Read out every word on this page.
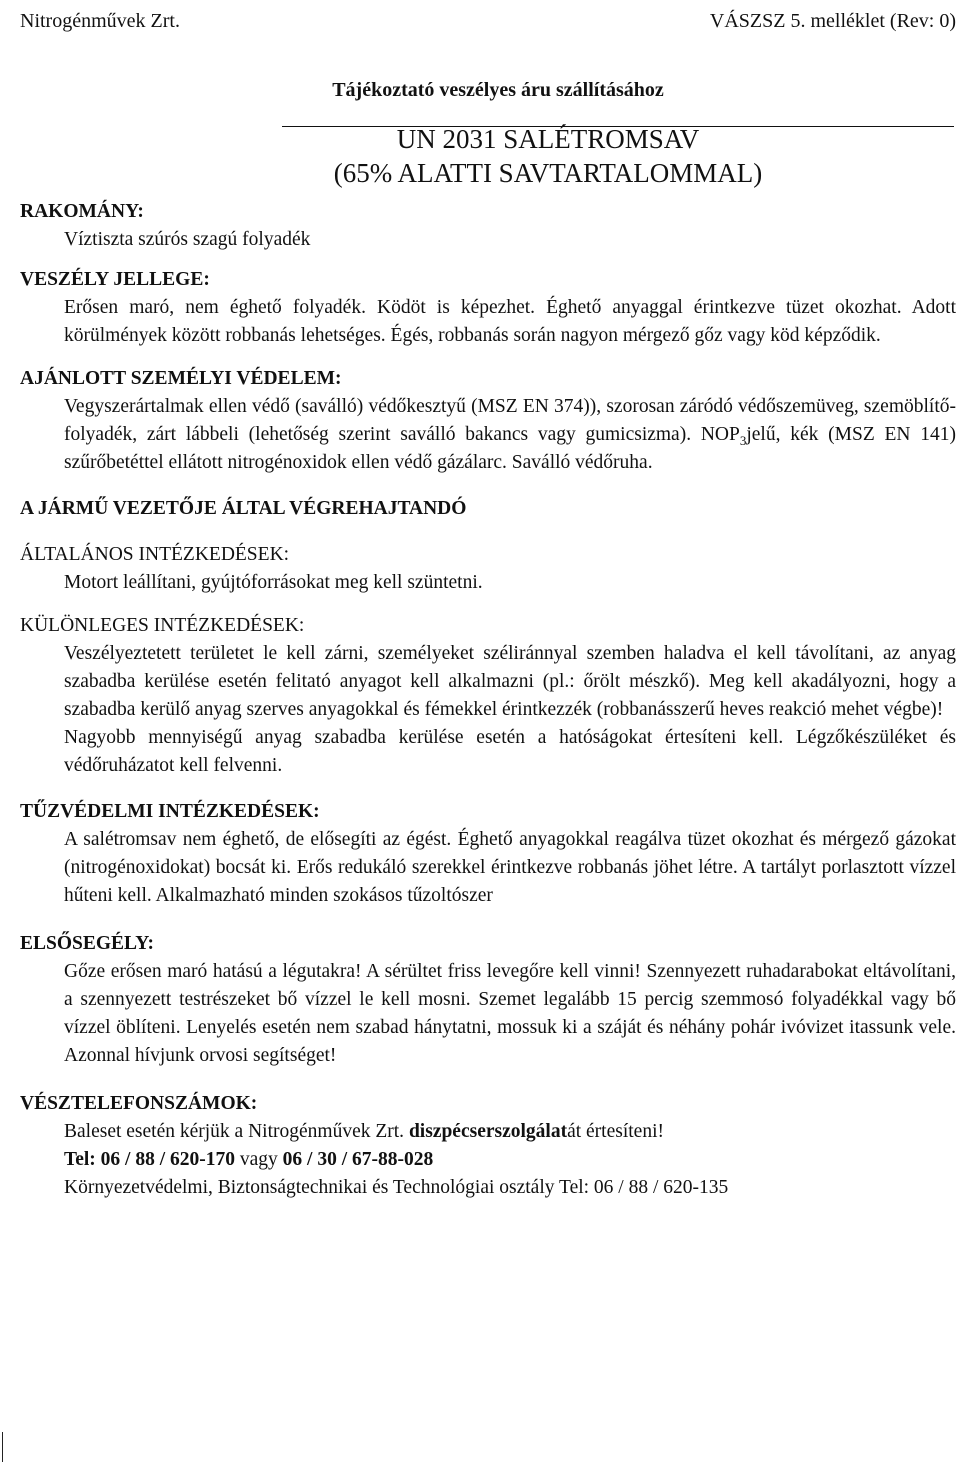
Nitrogénművek Zrt.	VÁSZSZ 5. melléklet (Rev: 0)
Tájékoztató veszélyes áru szállításához
UN 2031 SALÉTROMSAV
(65% ALATTI SAVTARTALOMMAL)
RAKOMÁNY:
Víztiszta szúrós szagú folyadék
VESZÉLY JELLEGE:
Erősen maró, nem éghető folyadék. Ködöt is képezhet. Éghető anyaggal érintkezve tüzet okozhat. Adott körülmények között robbanás lehetséges. Égés, robbanás során nagyon mérgező gőz vagy köd képződik.
AJÁNLOTT SZEMÉLYI VÉDELEM:
Vegyszerártalmak ellen védő (saválló) védőkesztyű (MSZ EN 374)), szorosan záródó védőszemüveg, szemöblítő-folyadék, zárt lábbeli (lehetőség szerint saválló bakancs vagy gumicsizma). $NOP_3jelű$, kék (MSZ EN 141) szűrőbetéttel ellátott nitrogénoxidok ellen védő gázálarc. Saválló védőruha.
A JÁRMŰ VEZETŐJE ÁLTAL VÉGREHAJTANDÓ
ÁLTALÁNOS INTÉZKEDÉSEK:
Motort leállítani, gyújtóforrásokat meg kell szüntetni.
KÜLÖNLEGES INTÉZKEDÉSEK:
Veszélyeztetett területet le kell zárni, személyeket széliránnyal szemben haladva el kell távolítani, az anyag szabadba kerülése esetén felitató anyagot kell alkalmazni (pl.: őrölt mészkő). Meg kell akadályozni, hogy a szabadba kerülő anyag szerves anyagokkal és fémekkel érintkezzék (robbanásszerű heves reakció mehet végbe)!
Nagyobb mennyiségű anyag szabadba kerülése esetén a hatóságokat értesíteni kell. Légzőkészüléket és védőruházatot kell felvenni.
TŰZVÉDELMI INTÉZKEDÉSEK:
A salétromsav nem éghető, de elősegíti az égést. Éghető anyagokkal reagálva tüzet okozhat és mérgező gázokat (nitrogénoxidokat) bocsát ki. Erős redukáló szerekkel érintkezve robbanás jöhet létre. A tartályt porlasztott vízzel hűteni kell. Alkalmazható minden szokásos tűzoltószer
ELSŐSEGÉLY:
Gőze erősen maró hatású a légutakra! A sérültet friss levegőre kell vinni! Szennyezett ruhadarabokat eltávolítani, a szennyezett testrészeket bő vízzel le kell mosni. Szemet legalább 15 percig szemmosó folyadékkal vagy bő vízzel öblíteni. Lenyelés esetén nem szabad hánytatni, mossuk ki a száját és néhány pohár ivóvizet itassunk vele. Azonnal hívjunk orvosi segítséget!
VÉSZTELEFONSZÁMOK:
Baleset esetén kérjük a Nitrogénművek Zrt. diszpécserszolgálatát értesíteni!
Tel: 06 / 88 / 620-170 vagy 06 / 30 / 67-88-028
Környezetvédelmi, Biztonságtechnikai és Technológiai osztály Tel: 06 / 88 / 620-135
